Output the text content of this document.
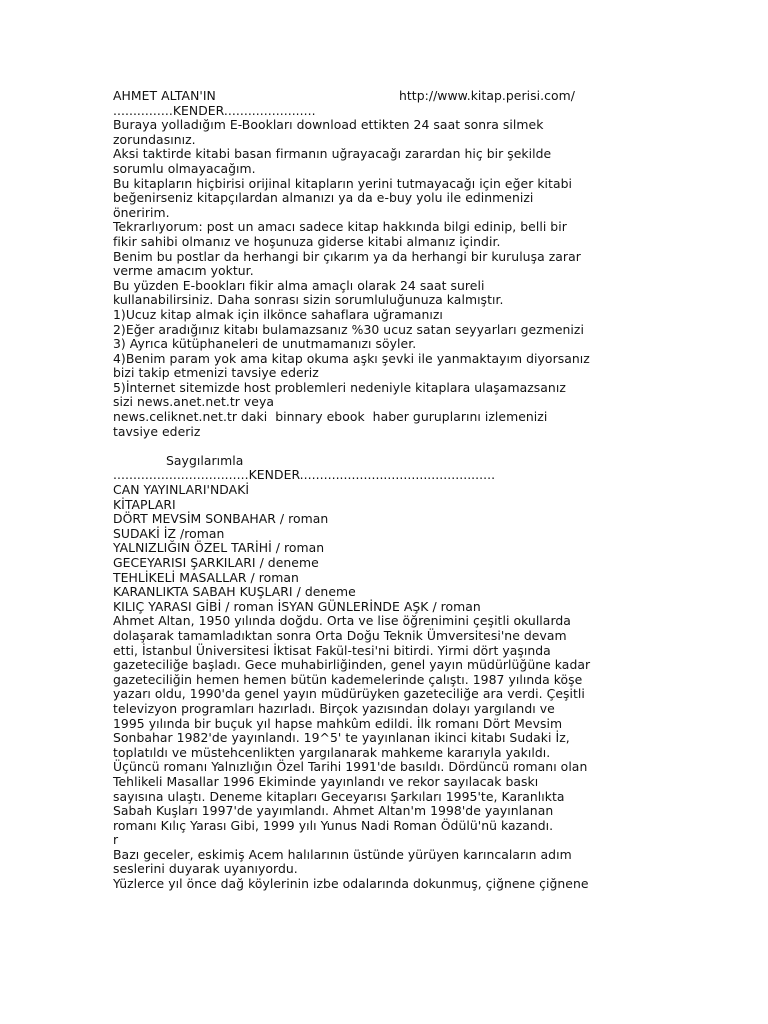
AHMET ALTAN'IN

	http://www.kitap.perisi.com/

...............KENDER.......................
Buraya yolladığım E-Bookları download ettikten 24 saat sonra silmek
zorundasınız.
Aksi taktirde kitabi basan firmanın uğrayacağı zarardan hiç bir şekilde
sorumlu olmayacağım.
Bu kitapların hiçbirisi orijinal kitapların yerini tutmayacağı için eğer kitabi
beğenirseniz kitapçılardan almanızı ya da e-buy yolu ile edinmenizi
öneririm.
Tekrarlıyorum: post un amacı sadece kitap hakkında bilgi edinip, belli bir
fikir sahibi olmanız ve hoşunuza giderse kitabi almanız içindir.
Benim bu postlar da herhangi bir çıkarım ya da herhangi bir kuruluşa zarar
verme amacım yoktur.
Bu yüzden E-bookları fikir alma amaçlı olarak 24 saat sureli
kullanabilirsiniz. Daha sonrası sizin sorumluluğunuza kalmıştır.
1)Ucuz kitap almak için ilkönce sahaflara uğramanızı
2)Eğer aradığınız kitabı bulamazsanız %30 ucuz satan seyyarları gezmenizi
3) Ayrıca kütüphaneleri de unutmamanızı söyler.
4)Benim param yok ama kitap okuma aşkı şevki ile yanmaktayım diyorsanız
bizi takip etmenizi tavsiye ederiz
5)İnternet sitemizde host problemleri nedeniyle kitaplara ulaşamazsanız
sizi news.anet.net.tr veya
news.celiknet.net.tr daki  binnary ebook  haber guruplarını izlemenizi
tavsiye ederiz
Saygılarımla
..................................KENDER.................................................
CAN YAYINLARI'NDAKİ
KİTAPLARI
DÖRT MEVSİM SONBAHAR / roman
SUDAKİ İZ /roman
YALNIZLIĞIN ÖZEL TARİHİ / roman
GECEYARISI ŞARKILARI / deneme
TEHLİKELİ MASALLAR / roman
KARANLIKTA SABAH KUŞLARI / deneme
KILIÇ YARASI GİBİ / roman İSYAN GÜNLERİNDE AŞK / roman
Ahmet Altan, 1950 yılında doğdu. Orta ve lise öğrenimini çeşitli okullarda
dolaşarak tamamladıktan sonra Orta Doğu Teknik Ümversitesi'ne devam
etti, İstanbul Üniversitesi İktisat Fakül-tesi'ni bitirdi. Yirmi dört yaşında
gazeteciliğe başladı. Gece muhabirliğinden, genel yayın müdürlüğüne kadar
gazeteciliğin hemen hemen bütün kademelerinde çalıştı. 1987 yılında köşe
yazarı oldu, 1990'da genel yayın müdürüyken gazeteciliğe ara verdi. Çeşitli
televizyon programları hazırladı. Birçok yazısından dolayı yargılandı ve
1995 yılında bir buçuk yıl hapse mahkûm edildi. İlk romanı Dört Mevsim
Sonbahar 1982'de yayınlandı. 19^5' te yayınlanan ikinci kitabı Sudaki İz,
toplatıldı ve müstehcenlikten yargılanarak mahkeme kararıyla yakıldı.
Üçüncü romanı Yalnızlığın Özel Tarihi 1991'de basıldı. Dördüncü romanı olan
Tehlikeli Masallar 1996 Ekiminde yayınlandı ve rekor sayılacak baskı
sayısına ulaştı. Deneme kitapları Geceyarısı Şarkıları 1995'te, Karanlıkta
Sabah Kuşları 1997'de yayımlandı. Ahmet Altan'm 1998'de yayınlanan
romanı Kılıç Yarası Gibi, 1999 yılı Yunus Nadi Roman Ödülü'nü kazandı.
r
Bazı geceler, eskimiş Acem halılarının üstünde yürüyen karıncaların adım
seslerini duyarak uyanıyordu.
Yüzlerce yıl önce dağ köylerinin izbe odalarında dokunmuş, çiğnene çiğnene
